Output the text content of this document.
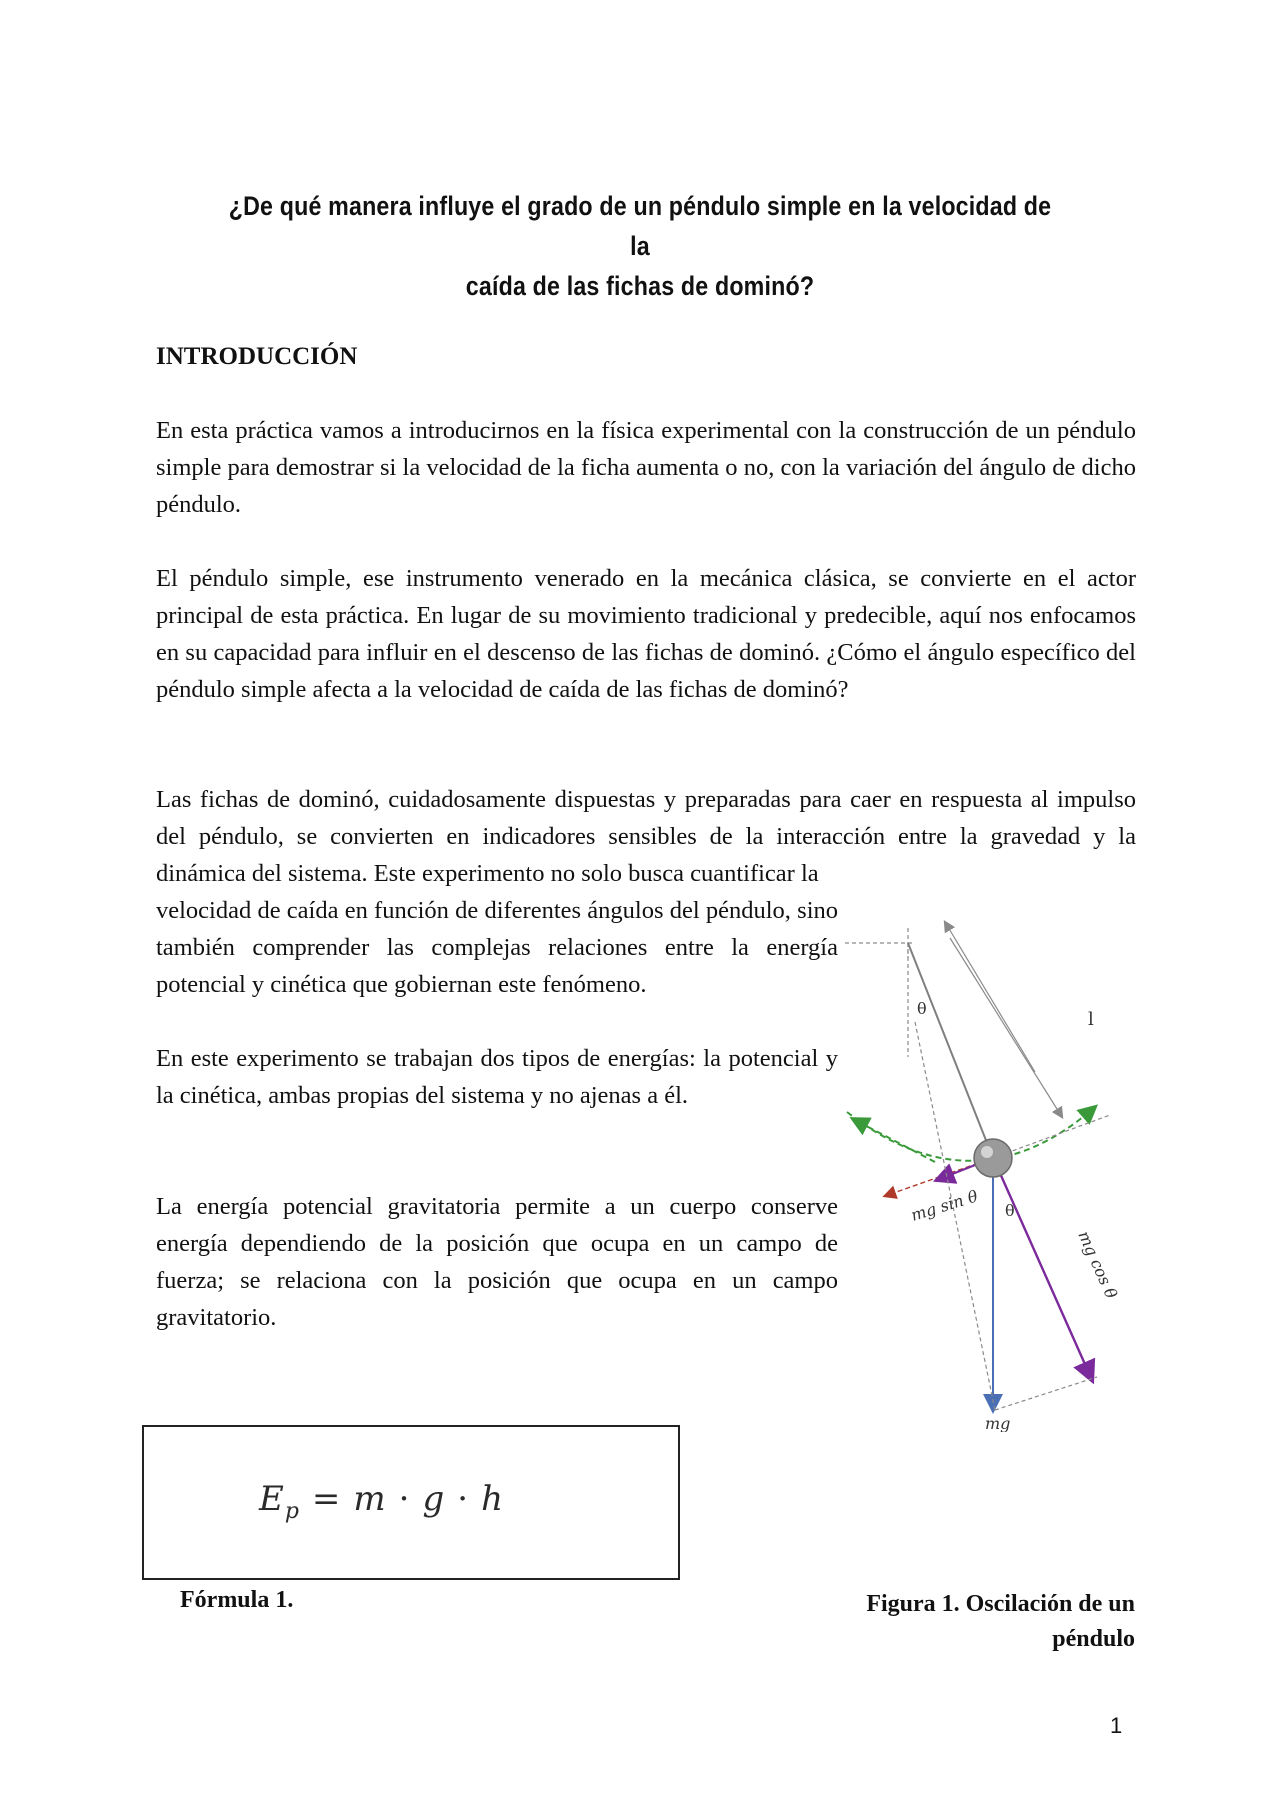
¿De qué manera influye el grado de un péndulo simple en la velocidad de la
caída de las fichas de dominó?
INTRODUCCIÓN

En esta práctica vamos a introducirnos en la física experimental con la construcción de un péndulo simple para demostrar si la velocidad de la ficha aumenta o no, con la variación del ángulo de dicho péndulo.

El péndulo simple, ese instrumento venerado en la mecánica clásica, se convierte en el actor principal de esta práctica. En lugar de su movimiento tradicional y predecible, aquí nos enfocamos en su capacidad para influir en el descenso de las fichas de dominó. ¿Cómo el ángulo específico del péndulo simple afecta a la velocidad de caída de las fichas de dominó?

Las fichas de dominó, cuidadosamente dispuestas y preparadas para caer en respuesta al impulso del péndulo, se convierten en indicadores sensibles de la interacción entre la gravedad y la dinámica del sistema. Este experimento no solo busca cuantificar la

velocidad de caída en función de diferentes ángulos del péndulo, sino también comprender las complejas relaciones entre la energía potencial y cinética que gobiernan este fenómeno.

En este experimento se trabajan dos tipos de energías: la potencial y la cinética, ambas propias del sistema y no ajenas a él.

La energía potencial gravitatoria permite a un cuerpo conserve energía dependiendo de la posición que ocupa en un campo de fuerza; se relaciona con la posición que ocupa en un campo gravitatorio.

θ
l
mg sin θ θ
mg cos θ
mg
$E_p = m \cdot g \cdot h$
Fórmula 1.	Figura 1. Oscilación de un
péndulo
1
